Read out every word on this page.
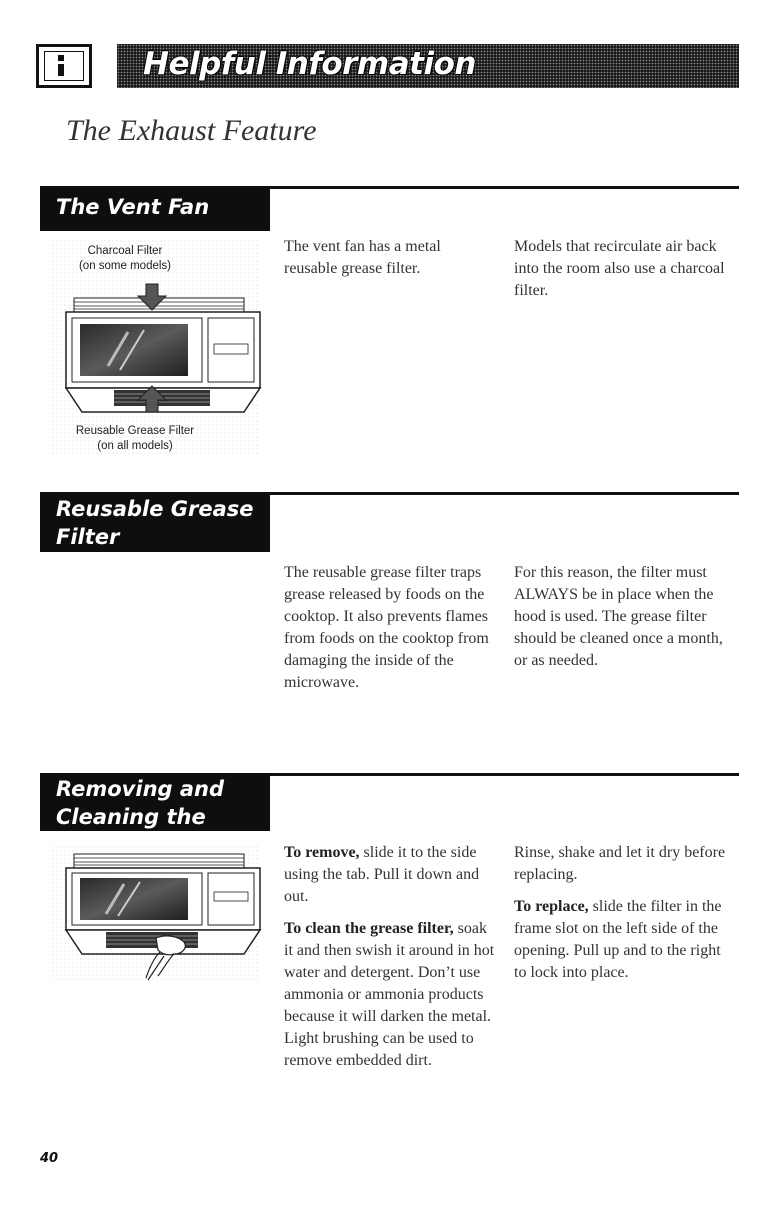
Helpful Information
The Exhaust Feature
The Vent Fan
Charcoal Filter
(on some models)
Reusable Grease Filter
(on all models)

The vent fan has a metal reusable grease filter.

Models that recirculate air back into the room also use a charcoal filter.

Reusable Grease
Filter

The reusable grease filter traps grease released by foods on the cooktop. It also prevents flames from foods on the cooktop from damaging the inside of the microwave.

For this reason, the filter must ALWAYS be in place when the hood is used. The grease filter should be cleaned once a month, or as needed.

Removing and
Cleaning the

To remove, slide it to the side using the tab. Pull it down and out.

To clean the grease filter, soak it and then swish it around in hot water and detergent. Don’t use ammonia or ammonia products because it will darken the metal. Light brushing can be used to remove embedded dirt.

Rinse, shake and let it dry before replacing.

To replace, slide the filter in the frame slot on the left side of the opening. Pull up and to the right to lock into place.

40
